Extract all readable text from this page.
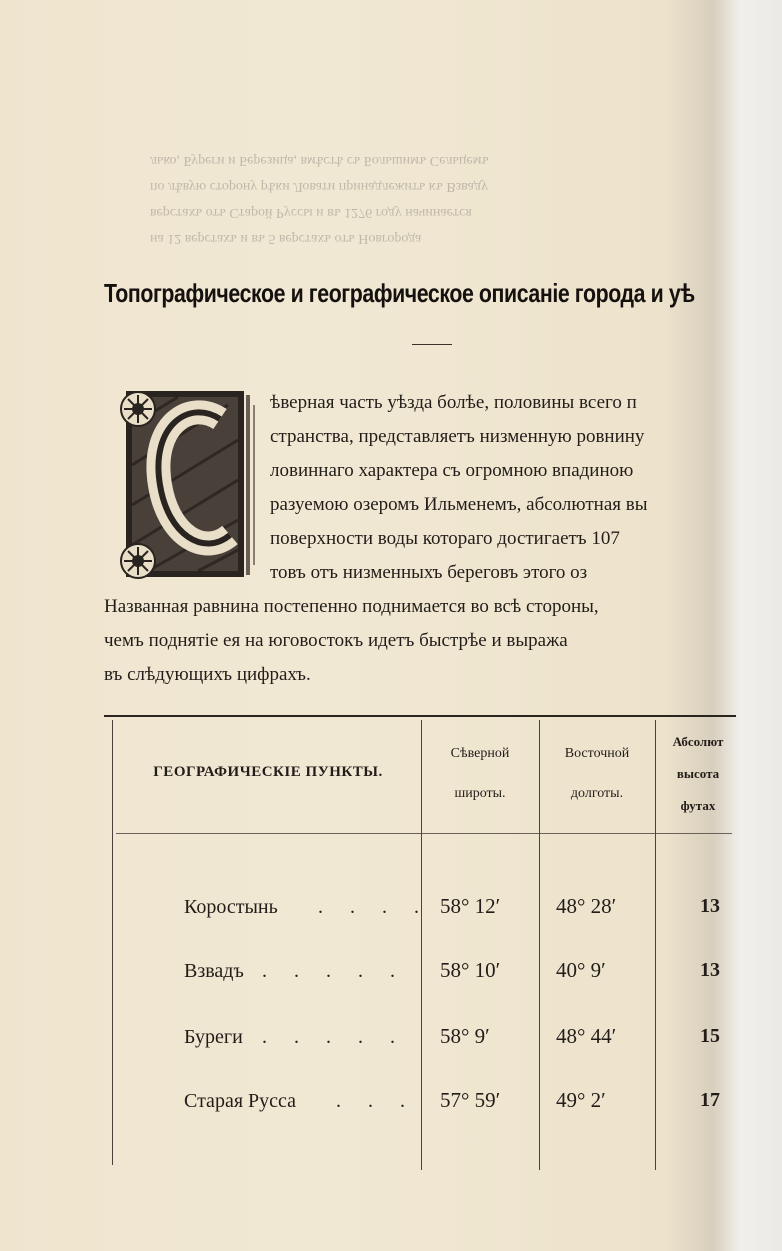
лько, Буреги и Березица, вмѣстѣ съ Большимъ Сельцемъ
по лѣвую сторону рѣки Ловати принадлежитъ къ Взваду
верстахъ отъ Старой Руссы и въ 1276 году начинается
на 12 верстахъ и въ 5 верстахъ отъ Новгорода
Топографическое и географическое описаніе города и уѣ
ѣверная часть уѣзда болѣе, половины всего п
странства, представляетъ низменную ровнину
ловиннаго характера съ огромною впадиною
разуемою озеромъ Ильменемъ, абсолютная вы
поверхности воды котораго достигаетъ 107
товъ отъ низменныхъ береговъ этого оз
Названная равнина постепенно поднимается во всѣ стороны,
чемъ поднятіе ея на юговостокъ идетъ быстрѣе и выража
въ слѣдующихъ цифрахъ.
ГЕОГРАФИЧЕСКІЕ ПУНКТЫ.
Сѣверной
широты.
Восточной
долготы.
Абсолют
высота
футах
Коростынь . . . . 58° 12′	48° 28′	13
Взвадъ . . . . . 58° 10′	40° 9′	13
Буреги . . . . . 58° 9′	48° 44′	15
Старая Русса . . . 57° 59′	49° 2′	17
